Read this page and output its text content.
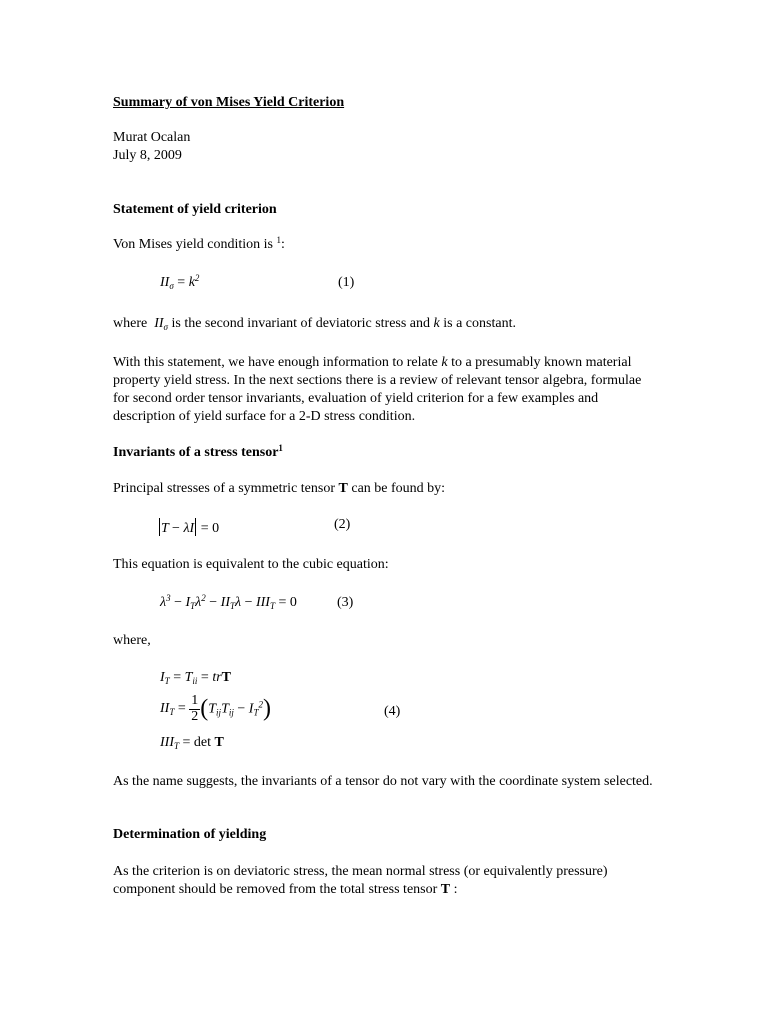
Summary of von Mises Yield Criterion
Murat Ocalan
July 8, 2009
Statement of yield criterion
Von Mises yield condition is $^1$:
$II_\sigma = k^2$	(1)
where  $II_\sigma$ is the second invariant of deviatoric stress and k is a constant.
With this statement, we have enough information to relate k to a presumably known material property yield stress. In the next sections there is a review of relevant tensor algebra, formulae for second order tensor invariants, evaluation of yield criterion for a few examples and description of yield surface for a 2-D stress condition.
Invariants of a stress tensor$^1$
Principal stresses of a symmetric tensor T can be found by:
T − λI = 0	(2)
This equation is equivalent to the cubic equation:
$\lambda^3 - I_T\lambda^2 - II_T\lambda - III_T = 0$	(3)
where,
$I_T = T_{ii}$ = trT
$II_T = \frac{1}{2} (T_{ij}T_{ij} - I_T^2)$	(4)
$III_T = \det T$
As the name suggests, the invariants of a tensor do not vary with the coordinate system selected.
Determination of yielding
As the criterion is on deviatoric stress, the mean normal stress (or equivalently pressure) component should be removed from the total stress tensor T :
